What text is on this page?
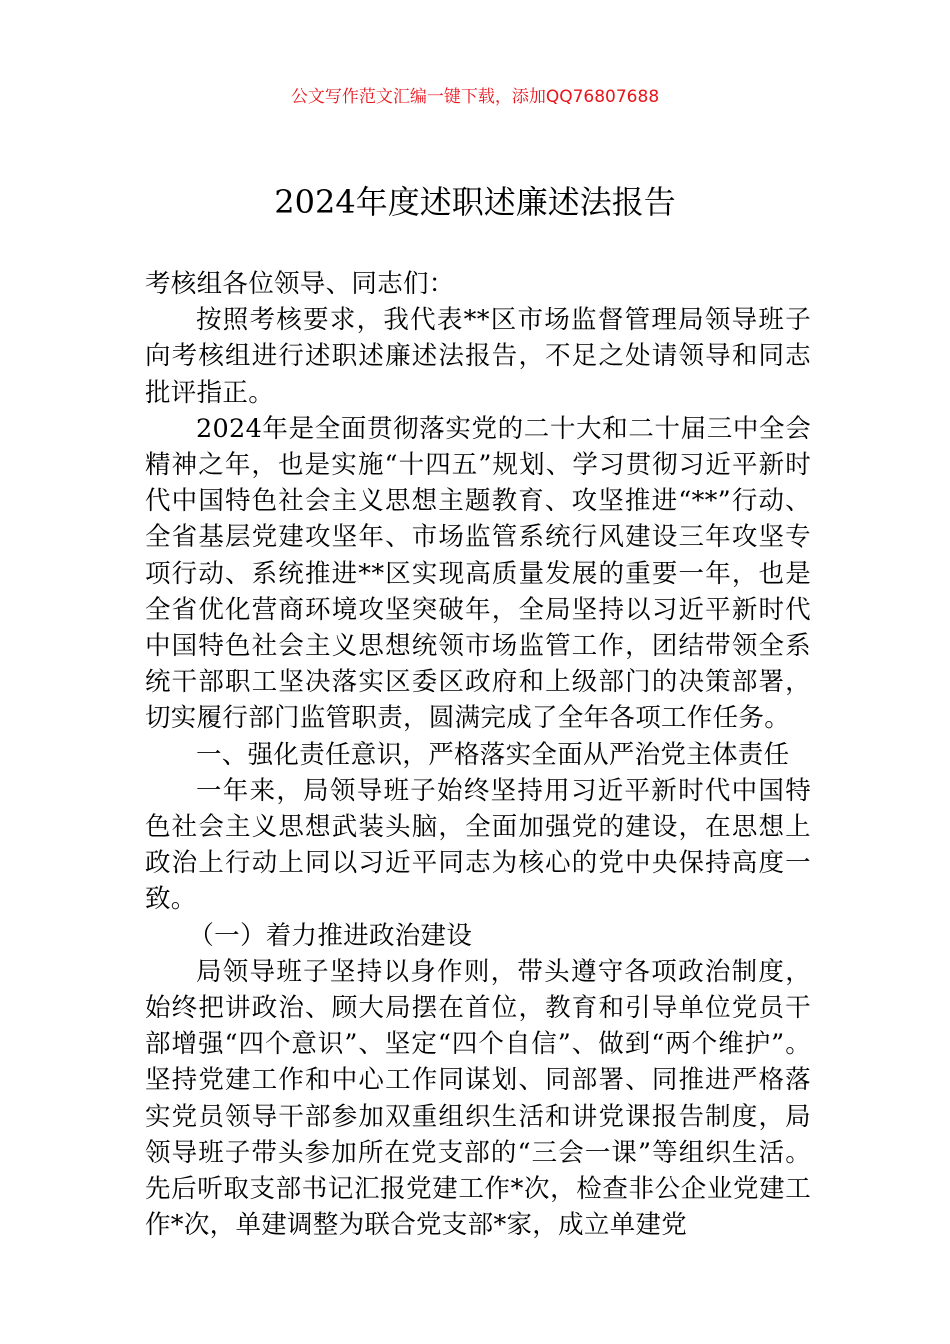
公文写作范文汇编一键下载，添加QQ76807688
2024年度述职述廉述法报告

考核组各位领导、同志们：

按照考核要求，我代表**区市场监督管理局领导班子向考核组进行述职述廉述法报告，不足之处请领导和同志批评指正。

2024年是全面贯彻落实党的二十大和二十届三中全会精神之年，也是实施“十四五”规划、学习贯彻习近平新时代中国特色社会主义思想主题教育、攻坚推进“**”行动、全省基层党建攻坚年、市场监管系统行风建设三年攻坚专项行动、系统推进**区实现高质量发展的重要一年，也是全省优化营商环境攻坚突破年，全局坚持以习近平新时代中国特色社会主义思想统领市场监管工作，团结带领全系统干部职工坚决落实区委区政府和上级部门的决策部署，切实履行部门监管职责，圆满完成了全年各项工作任务。

一、强化责任意识，严格落实全面从严治党主体责任

一年来，局领导班子始终坚持用习近平新时代中国特色社会主义思想武装头脑，全面加强党的建设，在思想上政治上行动上同以习近平同志为核心的党中央保持高度一致。

（一）着力推进政治建设

局领导班子坚持以身作则，带头遵守各项政治制度，始终把讲政治、顾大局摆在首位，教育和引导单位党员干部增强“四个意识”、坚定“四个自信”、做到“两个维护”。坚持党建工作和中心工作同谋划、同部署、同推进严格落实党员领导干部参加双重组织生活和讲党课报告制度，局领导班子带头参加所在党支部的“三会一课”等组织生活。先后听取支部书记汇报党建工作*次，检查非公企业党建工作*次，单建调整为联合党支部*家，成立单建党
